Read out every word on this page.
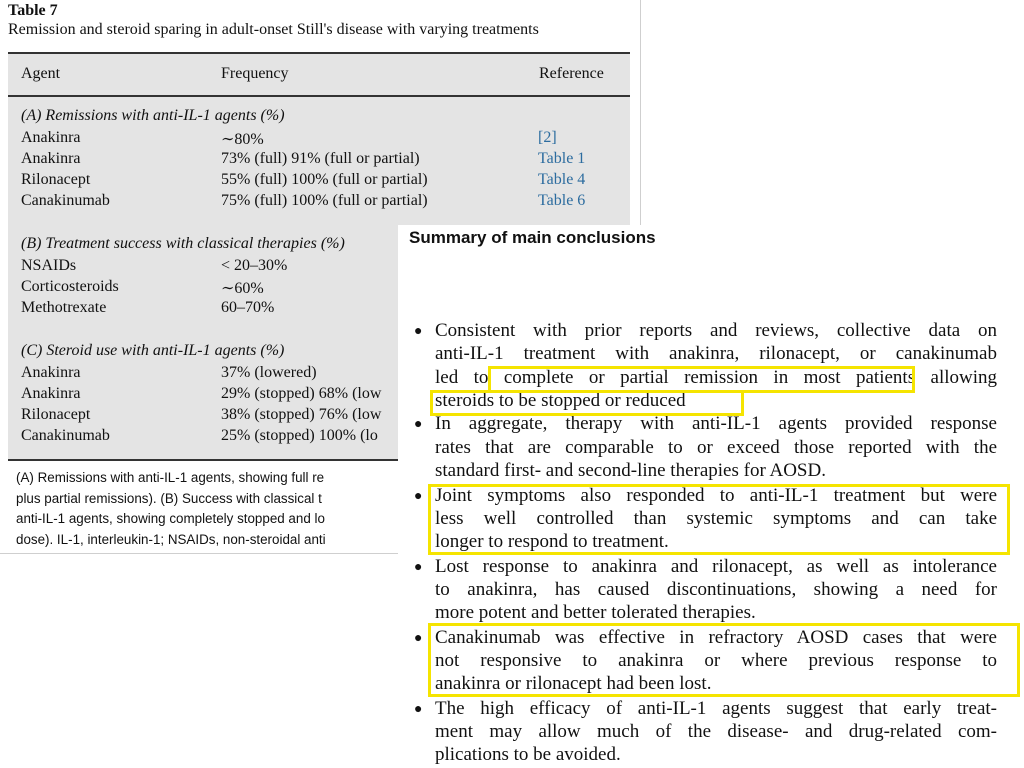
Table 7
Remission and steroid sparing in adult-onset Still's disease with varying treatments
Agent	Frequency	Reference
(A) Remissions with anti-IL-1 agents (%)
Anakinra	∼80%	[2]
Anakinra	73% (full) 91% (full or partial)	Table 1
Rilonacept	55% (full) 100% (full or partial)	Table 4
Canakinumab	75% (full) 100% (full or partial)	Table 6
(B) Treatment success with classical therapies (%)
NSAIDs	< 20–30%
Corticosteroids	∼60%
Methotrexate	60–70%
(C) Steroid use with anti-IL-1 agents (%)
Anakinra	37% (lowered)
Anakinra	29% (stopped) 68% (low
Rilonacept	38% (stopped) 76% (low
Canakinumab	25% (stopped) 100% (lo
(A) Remissions with anti-IL-1 agents, showing full re
plus partial remissions). (B) Success with classical t
anti-IL-1 agents, showing completely stopped and lo
dose). IL-1, interleukin-1; NSAIDs, non-steroidal anti
Summary of main conclusions
●
●
●
●
●
●
Consistent with prior reports and reviews, collective data on
anti-IL-1 treatment with anakinra, rilonacept, or canakinumab
led to complete or partial remission in most patients allowing
steroids to be stopped or reduced
In aggregate, therapy with anti-IL-1 agents provided response
rates that are comparable to or exceed those reported with the
standard first- and second-line therapies for AOSD.
Joint symptoms also responded to anti-IL-1 treatment but were
less well controlled than systemic symptoms and can take
longer to respond to treatment.
Lost response to anakinra and rilonacept, as well as intolerance
to anakinra, has caused discontinuations, showing a need for
more potent and better tolerated therapies.
Canakinumab was effective in refractory AOSD cases that were
not responsive to anakinra or where previous response to
anakinra or rilonacept had been lost.
The high efficacy of anti-IL-1 agents suggest that early treat-
ment may allow much of the disease- and drug-related com-
plications to be avoided.
